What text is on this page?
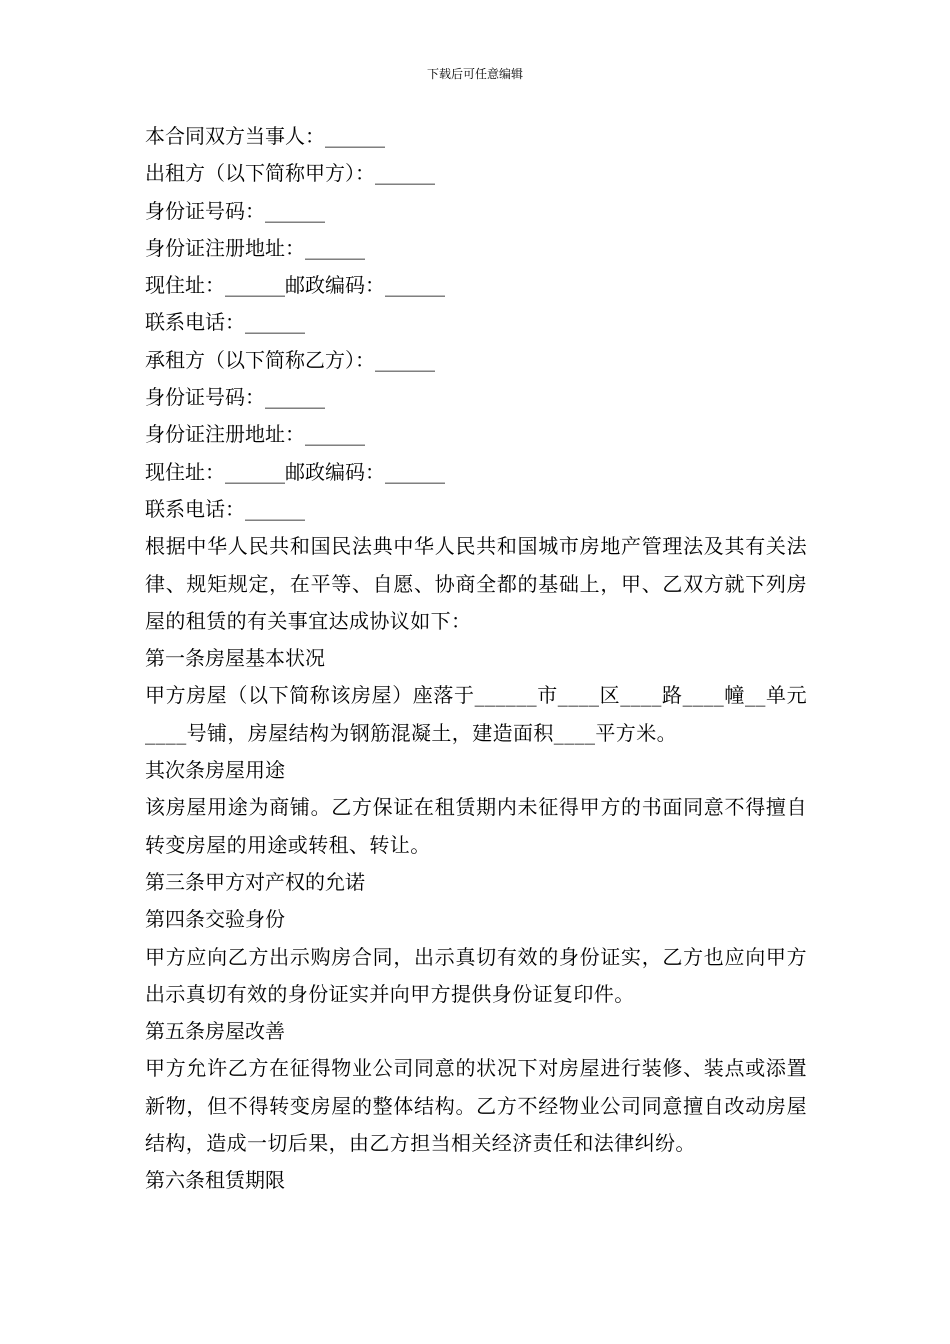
下载后可任意编辑
本合同双方当事人：______
出租方（以下简称甲方）：______
身份证号码：______
身份证注册地址：______
现住址：______邮政编码：______
联系电话：______
承租方（以下简称乙方）：______
身份证号码：______
身份证注册地址：______
现住址：______邮政编码：______
联系电话：______

根据中华人民共和国民法典中华人民共和国城市房地产管理法及其有关法律、规矩规定，在平等、自愿、协商全都的基础上，甲、乙双方就下列房屋的租赁的有关事宜达成协议如下：

第一条房屋基本状况

甲方房屋（以下简称该房屋）座落于______市____区____路____幢__单元____号铺，房屋结构为钢筋混凝土，建造面积____平方米。

其次条房屋用途

该房屋用途为商铺。乙方保证在租赁期内未征得甲方的书面同意不得擅自转变房屋的用途或转租、转让。

第三条甲方对产权的允诺
第四条交验身份

甲方应向乙方出示购房合同，出示真切有效的身份证实，乙方也应向甲方出示真切有效的身份证实并向甲方提供身份证复印件。

第五条房屋改善

甲方允许乙方在征得物业公司同意的状况下对房屋进行装修、装点或添置新物，但不得转变房屋的整体结构。乙方不经物业公司同意擅自改动房屋结构，造成一切后果，由乙方担当相关经济责任和法律纠纷。

第六条租赁期限
